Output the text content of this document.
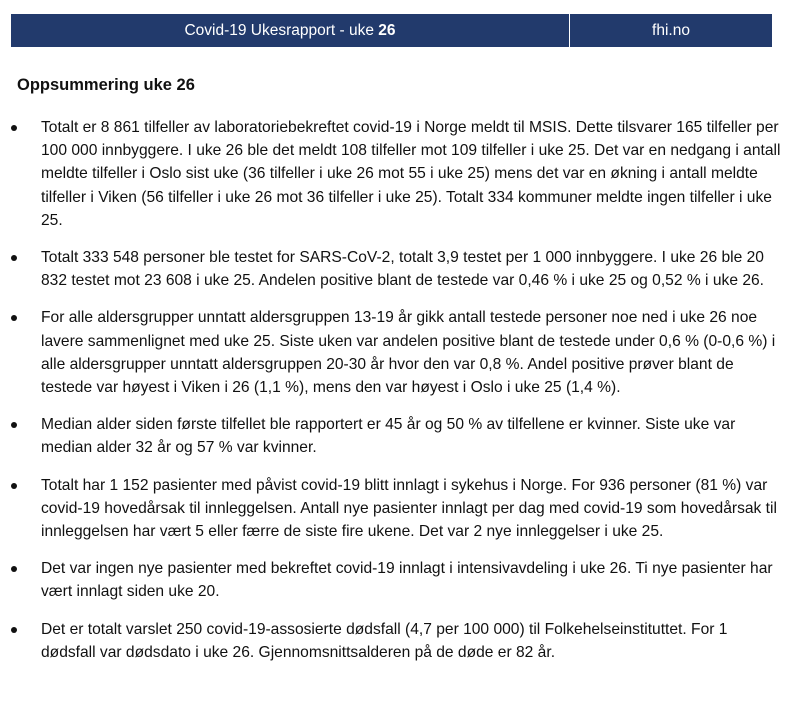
Covid-19 Ukesrapport - uke 26	fhi.no
Oppsummering uke 26
Totalt er 8 861 tilfeller av laboratoriebekreftet covid-19 i Norge meldt til MSIS. Dette tilsvarer 165 tilfeller per 100 000 innbyggere. I uke 26 ble det meldt 108 tilfeller mot 109 tilfeller i uke 25. Det var en nedgang i antall meldte tilfeller i Oslo sist uke (36 tilfeller i uke 26 mot 55 i uke 25) mens det var en økning i antall meldte tilfeller i Viken (56 tilfeller i uke 26 mot 36 tilfeller i uke 25). Totalt 334 kommuner meldte ingen tilfeller i uke 25.
Totalt 333 548 personer ble testet for SARS-CoV-2, totalt 3,9 testet per 1 000 innbyggere. I uke 26 ble 20 832 testet mot 23 608 i uke 25. Andelen positive blant de testede var 0,46 % i uke 25 og 0,52 % i uke 26.
For alle aldersgrupper unntatt aldersgruppen 13-19 år gikk antall testede personer noe ned i uke 26 noe lavere sammenlignet med uke 25. Siste uken var andelen positive blant de testede under 0,6 % (0-0,6 %) i alle aldersgrupper unntatt aldersgruppen 20-30 år hvor den var 0,8 %. Andel positive prøver blant de testede var høyest i Viken i 26 (1,1 %), mens den var høyest i Oslo i uke 25 (1,4 %).
Median alder siden første tilfellet ble rapportert er 45 år og 50 % av tilfellene er kvinner. Siste uke var median alder 32 år og 57 % var kvinner.
Totalt har 1 152 pasienter med påvist covid-19 blitt innlagt i sykehus i Norge. For 936 personer (81 %) var covid-19 hovedårsak til innleggelsen. Antall nye pasienter innlagt per dag med covid-19 som hovedårsak til innleggelsen har vært 5 eller færre de siste fire ukene. Det var 2 nye innleggelser i uke 25.
Det var ingen nye pasienter med bekreftet covid-19 innlagt i intensivavdeling i uke 26. Ti nye pasienter har vært innlagt siden uke 20.
Det er totalt varslet 250 covid-19-assosierte dødsfall (4,7 per 100 000) til Folkehelseinstituttet. For 1 dødsfall var dødsdato i uke 26. Gjennomsnittsalderen på de døde er 82 år.
